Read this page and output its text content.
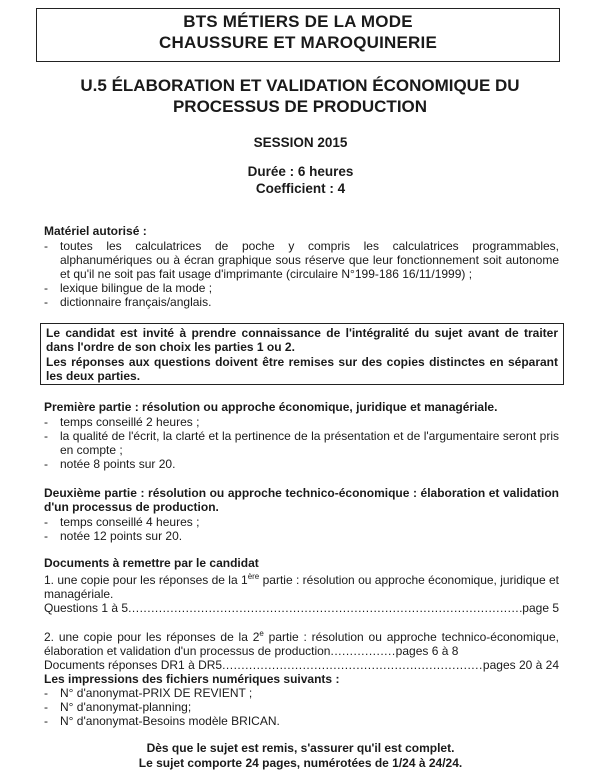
BTS MÉTIERS DE LA MODE
CHAUSSURE ET MAROQUINERIE
U.5 ÉLABORATION ET VALIDATION ÉCONOMIQUE DU
PROCESSUS DE PRODUCTION
SESSION 2015
Durée : 6 heures
Coefficient : 4
Matériel autorisé :
- toutes les calculatrices de poche y compris les calculatrices programmables, alphanumériques ou à écran graphique sous réserve que leur fonctionnement soit autonome et qu'il ne soit pas fait usage d'imprimante (circulaire N°199-186 16/11/1999) ;
- lexique bilingue de la mode ;
- dictionnaire français/anglais.
Le candidat est invité à prendre connaissance de l'intégralité du sujet avant de traiter dans l'ordre de son choix les parties 1 ou 2.
Les réponses aux questions doivent être remises sur des copies distinctes en séparant les deux parties.
Première partie : résolution ou approche économique, juridique et managériale.
- temps conseillé 2 heures ;
- la qualité de l'écrit, la clarté et la pertinence de la présentation et de l'argumentaire seront pris en compte ;
- notée 8 points sur 20.
Deuxième partie : résolution ou approche technico-économique : élaboration et validation d'un processus de production.
- temps conseillé 4 heures ;
- notée 12 points sur 20.
Documents à remettre par le candidat
1. une copie pour les réponses de la 1ère partie : résolution ou approche économique, juridique et managériale.
Questions 1 à 5 .....	page 5
2. une copie pour les réponses de la 2e partie : résolution ou approche technico-économique, élaboration et validation d'un processus de production.................pages 6 à 8
Documents réponses DR1 à DR5 .....	pages 20 à 24
Les impressions des fichiers numériques suivants :
- N° d'anonymat-PRIX DE REVIENT ;
- N° d'anonymat-planning;
- N° d'anonymat-Besoins modèle BRICAN.
Dès que le sujet est remis, s'assurer qu'il est complet.
Le sujet comporte 24 pages, numérotées de 1/24 à 24/24.
